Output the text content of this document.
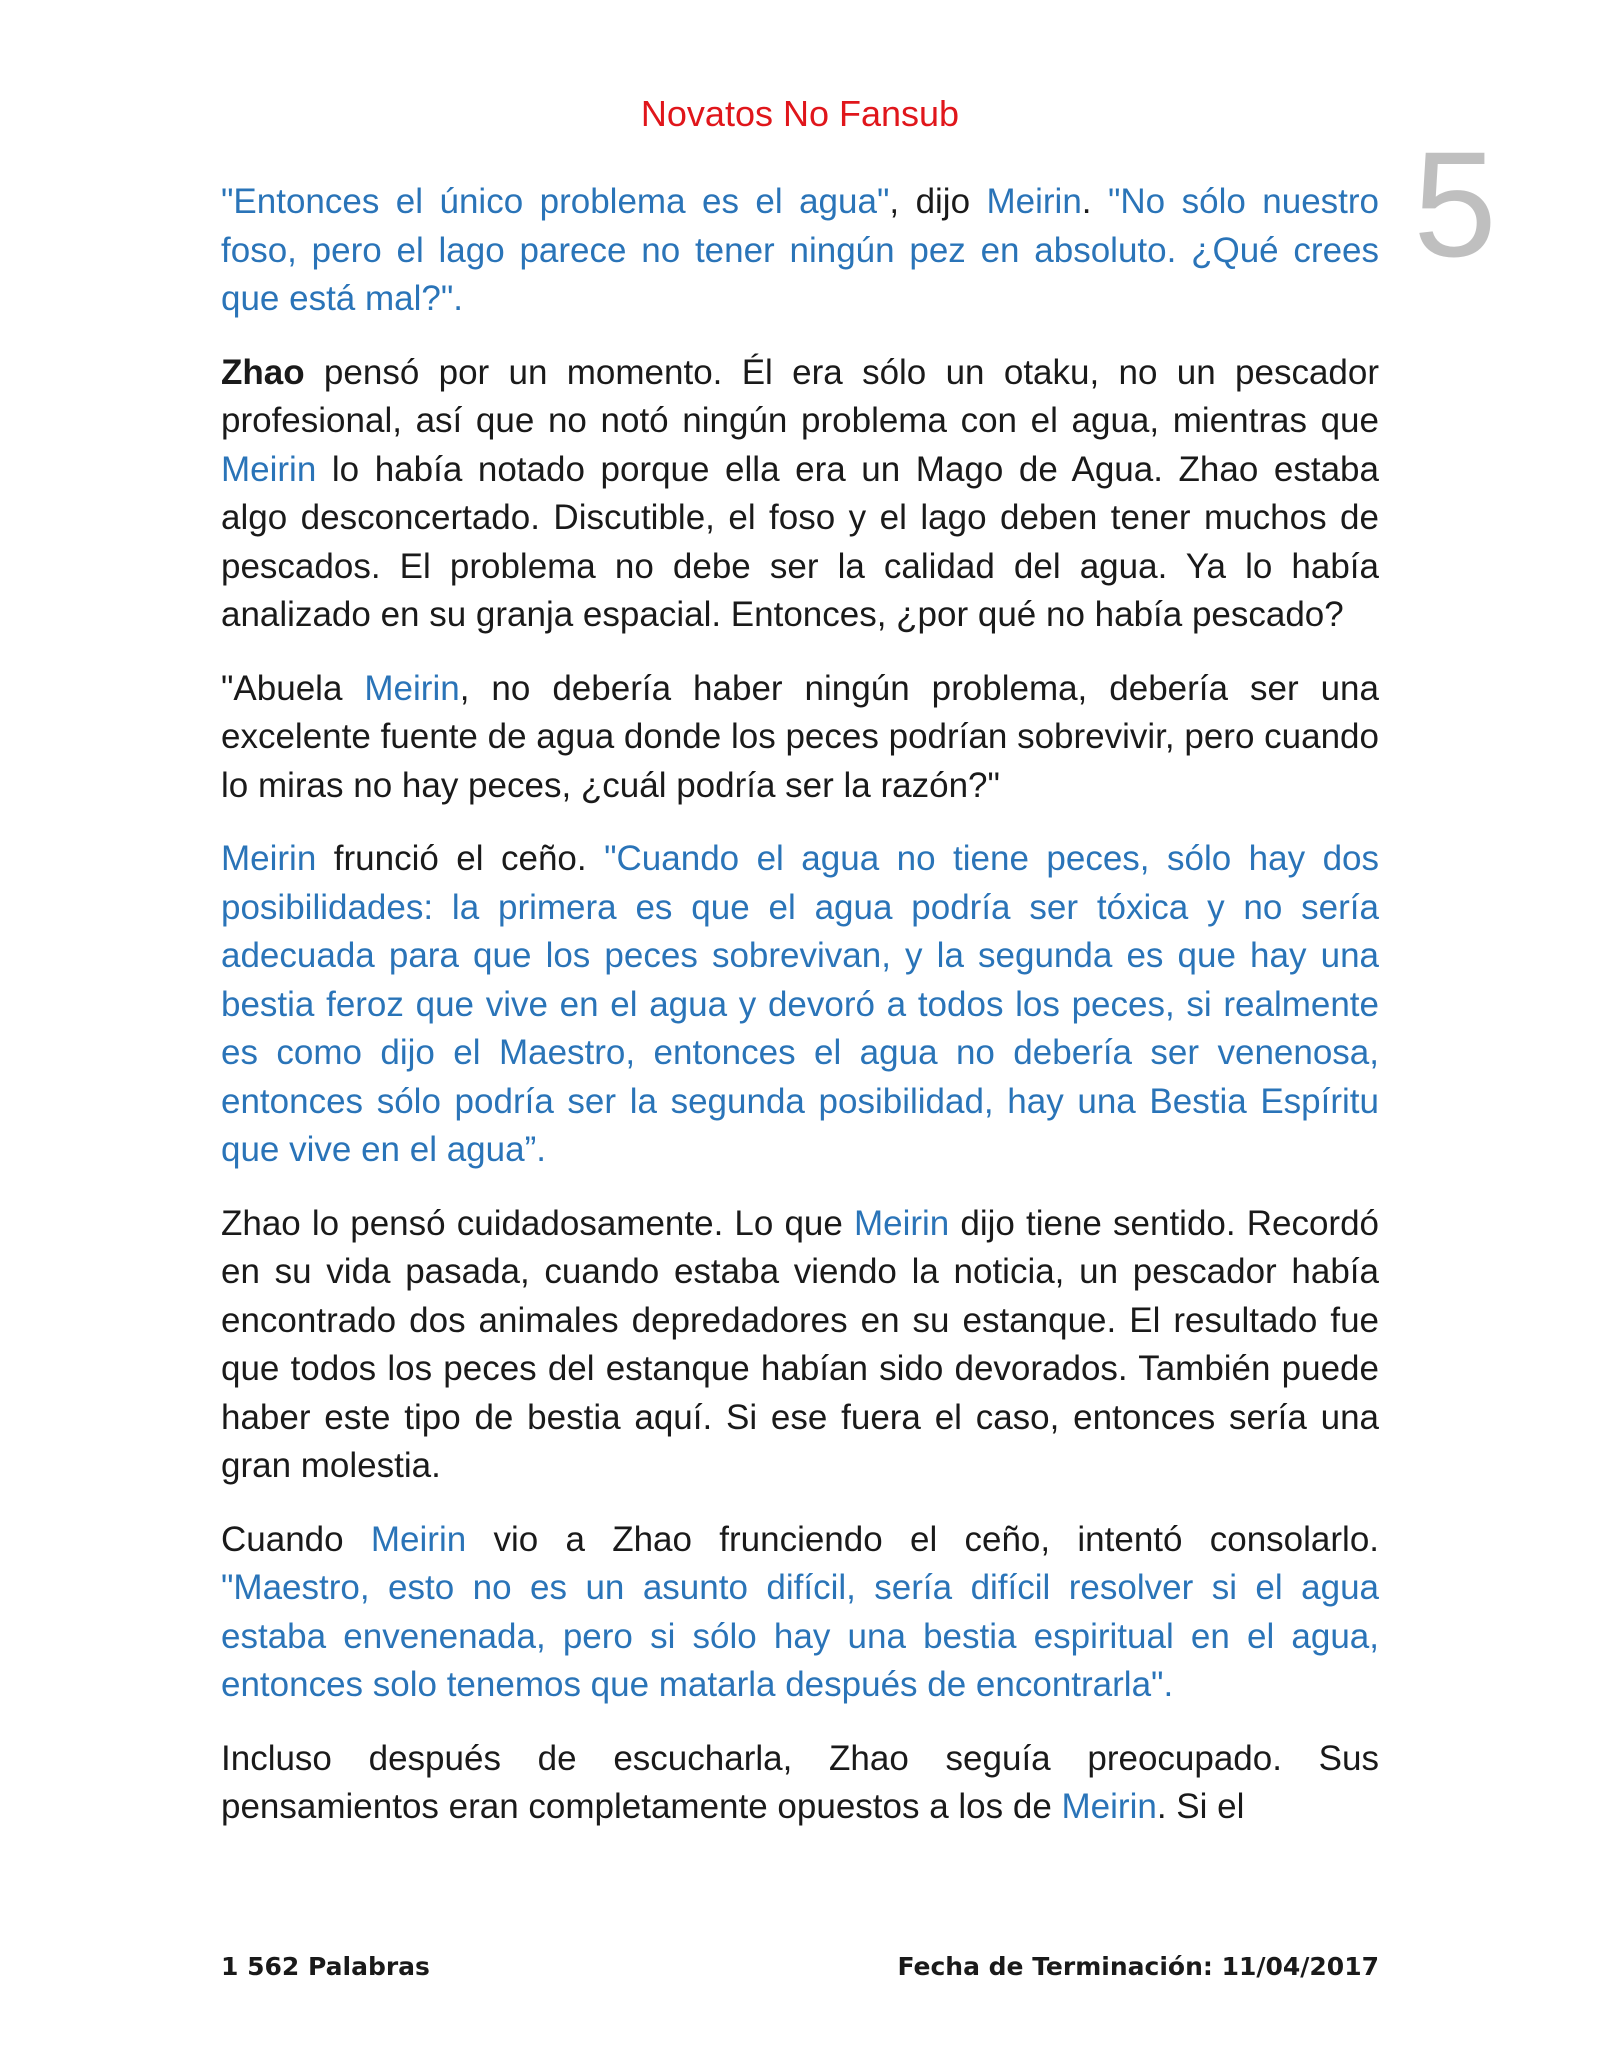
Novatos No Fansub
5

"Entonces el único problema es el agua", dijo Meirin. "No sólo nuestro foso, pero el lago parece no tener ningún pez en absoluto. ¿Qué crees que está mal?".

Zhao pensó por un momento. Él era sólo un otaku, no un pescador profesional, así que no notó ningún problema con el agua, mientras que Meirin lo había notado porque ella era un Mago de Agua. Zhao estaba algo desconcertado. Discutible, el foso y el lago deben tener muchos de pescados. El problema no debe ser la calidad del agua. Ya lo había analizado en su granja espacial. Entonces, ¿por qué no había pescado?

"Abuela Meirin, no debería haber ningún problema, debería ser una excelente fuente de agua donde los peces podrían sobrevivir, pero cuando lo miras no hay peces, ¿cuál podría ser la razón?"

Meirin frunció el ceño. "Cuando el agua no tiene peces, sólo hay dos posibilidades: la primera es que el agua podría ser tóxica y no sería adecuada para que los peces sobrevivan, y la segunda es que hay una bestia feroz que vive en el agua y devoró a todos los peces, si realmente es como dijo el Maestro, entonces el agua no debería ser venenosa, entonces sólo podría ser la segunda posibilidad, hay una Bestia Espíritu que vive en el agua”.

Zhao lo pensó cuidadosamente. Lo que Meirin dijo tiene sentido. Recordó en su vida pasada, cuando estaba viendo la noticia, un pescador había encontrado dos animales depredadores en su estanque. El resultado fue que todos los peces del estanque habían sido devorados. También puede haber este tipo de bestia aquí. Si ese fuera el caso, entonces sería una gran molestia.

Cuando Meirin vio a Zhao frunciendo el ceño, intentó consolarlo. "Maestro, esto no es un asunto difícil, sería difícil resolver si el agua estaba envenenada, pero si sólo hay una bestia espiritual en el agua, entonces solo tenemos que matarla después de encontrarla".

Incluso después de escucharla, Zhao seguía preocupado. Sus pensamientos eran completamente opuestos a los de Meirin. Si el

1 562 Palabras	Fecha de Terminación: 11/04/2017
